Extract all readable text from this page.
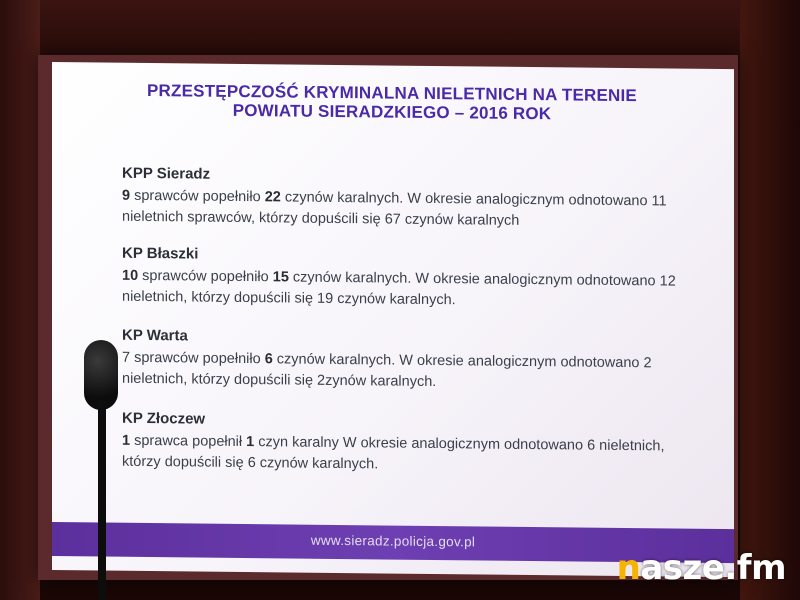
PRZESTĘPCZOŚĆ KRYMINALNA NIELETNICH NA TERENIE
POWIATU SIERADZKIEGO – 2016 ROK
KPP Sieradz
9 sprawców popełniło 22 czynów karalnych. W okresie analogicznym odnotowano 11 nieletnich sprawców, którzy dopuścili się 67 czynów karalnych
KP Błaszki
10 sprawców popełniło 15 czynów karalnych. W okresie analogicznym odnotowano 12 nieletnich, którzy dopuścili się 19 czynów karalnych.
KP Warta
7 sprawców popełniło 6 czynów karalnych. W okresie analogicznym odnotowano 2 nieletnich, którzy dopuścili się 2zynów karalnych.
KP Złoczew
1 sprawca popełnił 1 czyn karalny W okresie analogicznym odnotowano 6 nieletnich, którzy dopuścili się 6 czynów karalnych.
www.sieradz.policja.gov.pl
nasze.fm
